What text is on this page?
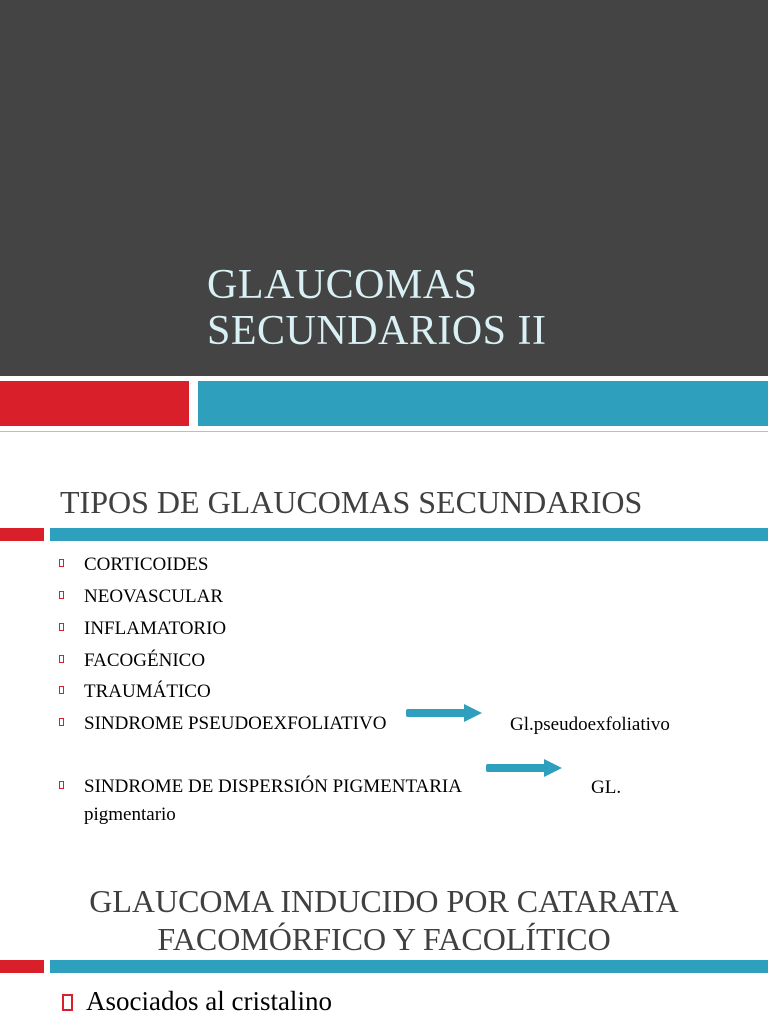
GLAUCOMAS
SECUNDARIOS II
TIPOS DE GLAUCOMAS SECUNDARIOS
CORTICOIDES
NEOVASCULAR
INFLAMATORIO
FACOGÉNICO
TRAUMÁTICO
SINDROME PSEUDOEXFOLIATIVO	Gl.pseudoexfoliativo
SINDROME DE DISPERSIÓN PIGMENTARIA	GL.
pigmentario
GLAUCOMA INDUCIDO POR CATARATA
FACOMÓRFICO Y FACOLÍTICO
Asociados al cristalino
